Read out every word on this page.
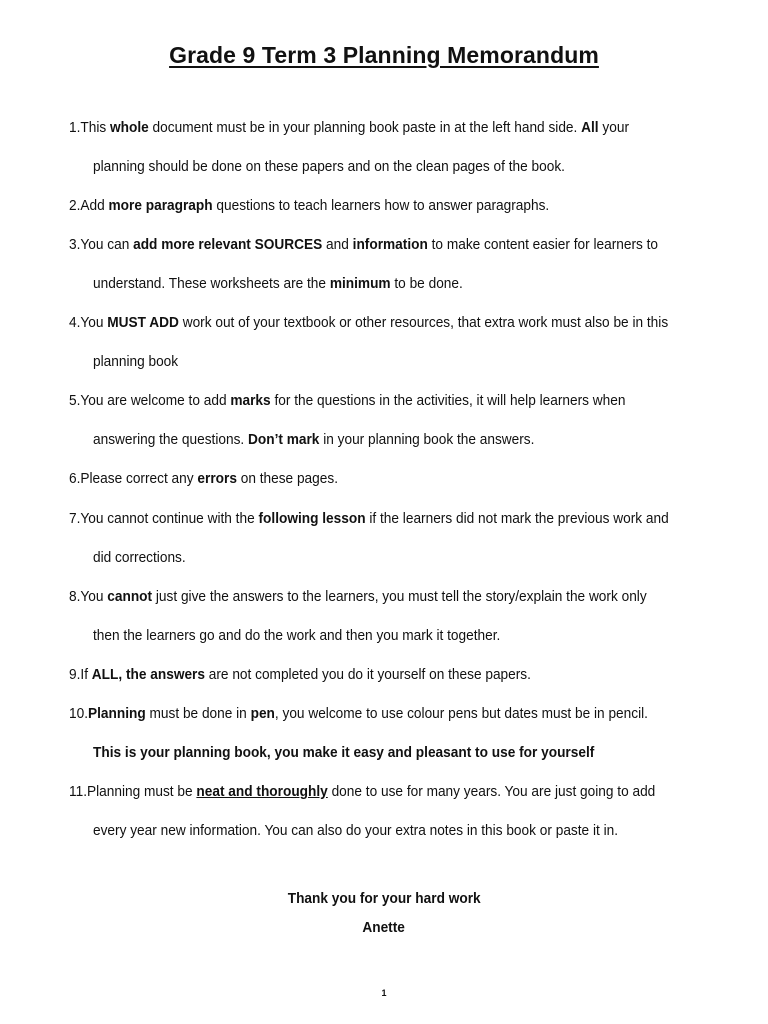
Grade 9 Term 3 Planning Memorandum
1.This whole document must be in your planning book paste in at the left hand side. All your
planning should be done on these papers and on the clean pages of the book.
2.Add more paragraph questions to teach learners how to answer paragraphs.
3.You can add more relevant SOURCES and information to make content easier for learners to
understand. These worksheets are the minimum to be done.
4.You MUST ADD work out of your textbook or other resources, that extra work must also be in this
planning book
5.You are welcome to add marks for the questions in the activities, it will help learners when
answering the questions. Don’t mark in your planning book the answers.
6.Please correct any errors on these pages.
7.You cannot continue with the following lesson if the learners did not mark the previous work and
did corrections.
8.You cannot just give the answers to the learners, you must tell the story/explain the work only
then the learners go and do the work and then you mark it together.
9.If ALL, the answers are not completed you do it yourself on these papers.
10.Planning must be done in pen, you welcome to use colour pens but dates must be in pencil.
This is your planning book, you make it easy and pleasant to use for yourself
11.Planning must be neat and thoroughly done to use for many years. You are just going to add
every year new information. You can also do your extra notes in this book or paste it in.
Thank you for your hard work
Anette
1
